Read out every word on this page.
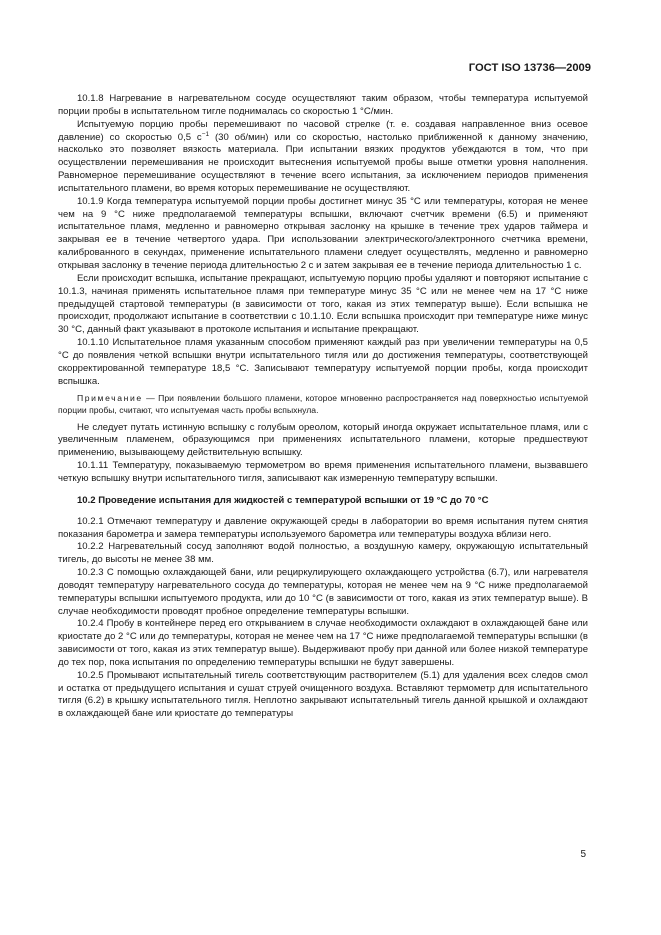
ГОСТ ISO 13736—2009

10.1.8 Нагревание в нагревательном сосуде осуществляют таким образом, чтобы температура испытуемой порции пробы в испытательном тигле поднималась со скоростью 1 °C/мин.

Испытуемую порцию пробы перемешивают по часовой стрелке (т. е. создавая направленное вниз осевое давление) со скоростью 0,5 $с^{-1}$ (30 об/мин) или со скоростью, настолько приближенной к данному значению, насколько это позволяет вязкость материала. При испытании вязких продуктов убеждаются в том, что при осуществлении перемешивания не происходит вытеснения испытуемой пробы выше отметки уровня наполнения. Равномерное перемешивание осуществляют в течение всего испытания, за исключением периодов применения испытательного пламени, во время которых перемешивание не осуществляют.

10.1.9 Когда температура испытуемой порции пробы достигнет минус 35 °C или температуры, которая не менее чем на 9 °C ниже предполагаемой температуры вспышки, включают счетчик времени (6.5) и применяют испытательное пламя, медленно и равномерно открывая заслонку на крышке в течение трех ударов таймера и закрывая ее в течение четвертого удара. При использовании электрического/электронного счетчика времени, калиброванного в секундах, применение испытательного пламени следует осуществлять, медленно и равномерно открывая заслонку в течение периода длительностью 2 с и затем закрывая ее в течение периода длительностью 1 с.

Если происходит вспышка, испытание прекращают, испытуемую порцию пробы удаляют и повторяют испытание с 10.1.3, начиная применять испытательное пламя при температуре минус 35 °C или не менее чем на 17 °C ниже предыдущей стартовой температуры (в зависимости от того, какая из этих температур выше). Если вспышка не происходит, продолжают испытание в соответствии с 10.1.10. Если вспышка происходит при температуре ниже минус 30 °C, данный факт указывают в протоколе испытания и испытание прекращают.

10.1.10 Испытательное пламя указанным способом применяют каждый раз при увеличении температуры на 0,5 °C до появления четкой вспышки внутри испытательного тигля или до достижения температуры, соответствующей скорректированной температуре 18,5 °C. Записывают температуру испытуемой порции пробы, когда происходит вспышка.

Примечание — При появлении большого пламени, которое мгновенно распространяется над поверхностью испытуемой порции пробы, считают, что испытуемая часть пробы вспыхнула.

Не следует путать истинную вспышку с голубым ореолом, который иногда окружает испытательное пламя, или с увеличенным пламенем, образующимся при применениях испытательного пламени, которые предшествуют применению, вызывающему действительную вспышку.

10.1.11 Температуру, показываемую термометром во время применения испытательного пламени, вызвавшего четкую вспышку внутри испытательного тигля, записывают как измеренную температуру вспышки.

10.2 Проведение испытания для жидкостей с температурой вспышки от 19 °C до 70 °C

10.2.1 Отмечают температуру и давление окружающей среды в лаборатории во время испытания путем снятия показания барометра и замера температуры используемого барометра или температуры воздуха вблизи него.

10.2.2 Нагревательный сосуд заполняют водой полностью, а воздушную камеру, окружающую испытательный тигель, до высоты не менее 38 мм.

10.2.3 С помощью охлаждающей бани, или рециркулирующего охлаждающего устройства (6.7), или нагревателя доводят температуру нагревательного сосуда до температуры, которая не менее чем на 9 °C ниже предполагаемой температуры вспышки испытуемого продукта, или до 10 °C (в зависимости от того, какая из этих температур выше). В случае необходимости проводят пробное определение температуры вспышки.

10.2.4 Пробу в контейнере перед его открыванием в случае необходимости охлаждают в охлаждающей бане или криостате до 2 °C или до температуры, которая не менее чем на 17 °C ниже предполагаемой температуры вспышки (в зависимости от того, какая из этих температур выше). Выдерживают пробу при данной или более низкой температуре до тех пор, пока испытания по определению температуры вспышки не будут завершены.

10.2.5 Промывают испытательный тигель соответствующим растворителем (5.1) для удаления всех следов смол и остатка от предыдущего испытания и сушат струей очищенного воздуха. Вставляют термометр для испытательного тигля (6.2) в крышку испытательного тигля. Неплотно закрывают испытательный тигель данной крышкой и охлаждают в охлаждающей бане или криостате до температуры

5
